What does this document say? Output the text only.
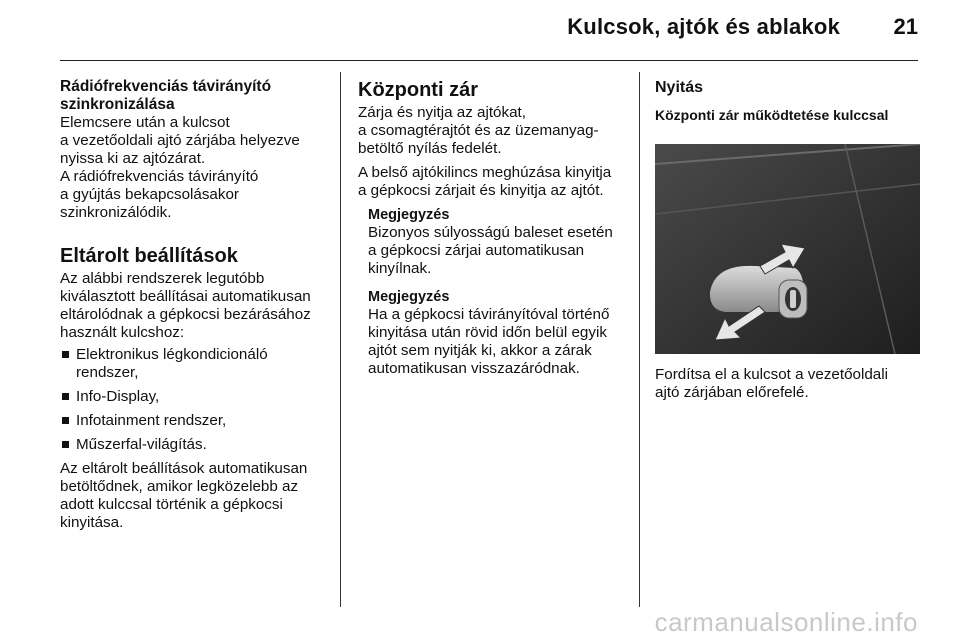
Kulcsok, ajtók és ablakok 21
Rádiófrekvenciás távirányító
szinkronizálása

Elemcsere után a kulcsot
a vezetőoldali ajtó zárjába helyezve
nyissa ki az ajtózárat.
A rádiófrekvenciás távirányító
a gyújtás bekapcsolásakor
szinkronizálódik.

Eltárolt beállítások

Az alábbi rendszerek legutóbb
kiválasztott beállításai automatikusan
eltárolódnak a gépkocsi bezárásához
használt kulcshoz:

Elektronikus légkondicionáló
rendszer,
Info-Display,
Infotainment rendszer,
Műszerfal-világítás.

Az eltárolt beállítások automatikusan
betöltődnek, amikor legközelebb az
adott kulccsal történik a gépkocsi
kinyitása.

Központi zár

Zárja és nyitja az ajtókat,
a csomagtérajtót és az üzemanyag-
betöltő nyílás fedelét.

A belső ajtókilincs meghúzása kinyitja
a gépkocsi zárjait és kinyitja az ajtót.

Megjegyzés

Bizonyos súlyosságú baleset esetén
a gépkocsi zárjai automatikusan
kinyílnak.

Megjegyzés

Ha a gépkocsi távirányítóval történő
kinyitása után rövid időn belül egyik
ajtót sem nyitják ki, akkor a zárak
automatikusan visszazáródnak.

Nyitás
Központi zár működtetése kulccsal

Fordítsa el a kulcsot a vezetőoldali
ajtó zárjában előrefelé.

carmanualsonline.info
